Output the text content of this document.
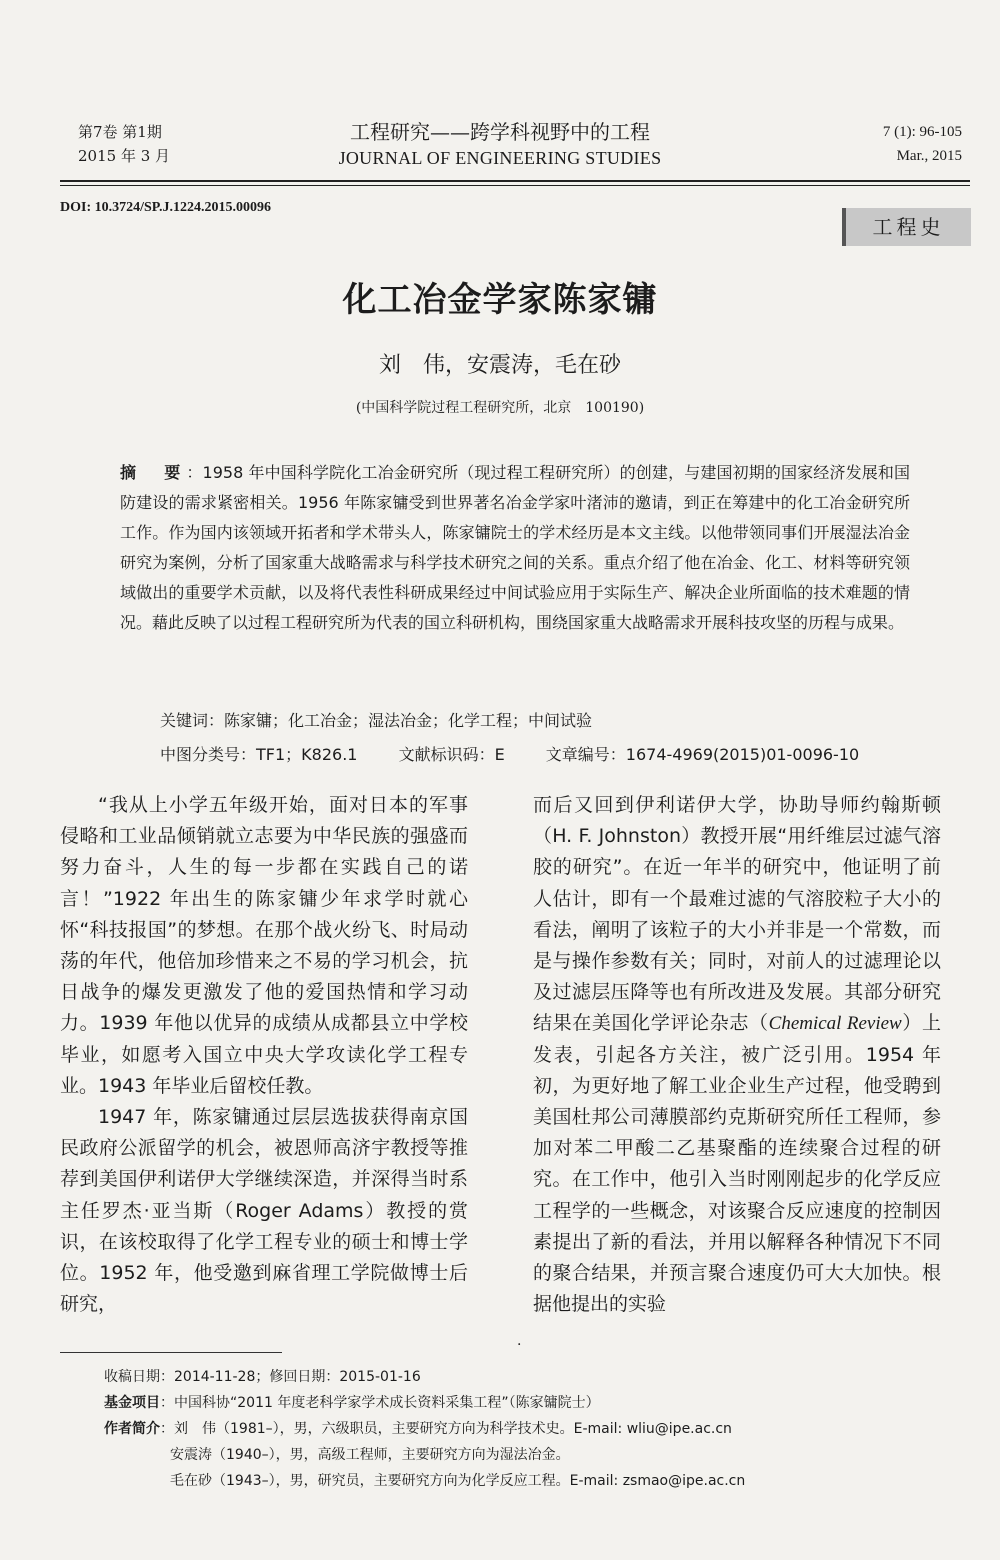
第7卷 第1期
2015 年 3 月
工程研究——跨学科视野中的工程
JOURNAL OF ENGINEERING STUDIES
7 (1): 96-105
Mar., 2015
DOI: 10.3724/SP.J.1224.2015.00096
工程史
化工冶金学家陈家镛
刘　伟，安震涛，毛在砂
(中国科学院过程工程研究所，北京　100190)
摘　要：1958 年中国科学院化工冶金研究所（现过程工程研究所）的创建，与建国初期的国家经济发展和国防建设的需求紧密相关。1956 年陈家镛受到世界著名冶金学家叶渚沛的邀请，到正在筹建中的化工冶金研究所工作。作为国内该领域开拓者和学术带头人，陈家镛院士的学术经历是本文主线。以他带领同事们开展湿法冶金研究为案例，分析了国家重大战略需求与科学技术研究之间的关系。重点介绍了他在冶金、化工、材料等研究领域做出的重要学术贡献，以及将代表性科研成果经过中间试验应用于实际生产、解决企业所面临的技术难题的情况。藉此反映了以过程工程研究所为代表的国立科研机构，围绕国家重大战略需求开展科技攻坚的历程与成果。
关键词：陈家镛；化工冶金；湿法冶金；化学工程；中间试验
中图分类号：TF1；K826.1	文献标识码：E	文章编号：1674-4969(2015)01-0096-10

“我从上小学五年级开始，面对日本的军事侵略和工业品倾销就立志要为中华民族的强盛而努力奋斗，人生的每一步都在实践自己的诺言！”1922 年出生的陈家镛少年求学时就心怀“科技报国”的梦想。在那个战火纷飞、时局动荡的年代，他倍加珍惜来之不易的学习机会，抗日战争的爆发更激发了他的爱国热情和学习动力。1939 年他以优异的成绩从成都县立中学校毕业，如愿考入国立中央大学攻读化学工程专业。1943 年毕业后留校任教。

1947 年，陈家镛通过层层选拔获得南京国民政府公派留学的机会，被恩师高济宇教授等推荐到美国伊利诺伊大学继续深造，并深得当时系主任罗杰·亚当斯（Roger Adams）教授的赏识，在该校取得了化学工程专业的硕士和博士学位。1952 年，他受邀到麻省理工学院做博士后研究，

而后又回到伊利诺伊大学，协助导师约翰斯顿（H. F. Johnston）教授开展“用纤维层过滤气溶胶的研究”。在近一年半的研究中，他证明了前人估计，即有一个最难过滤的气溶胶粒子大小的看法，阐明了该粒子的大小并非是一个常数，而是与操作参数有关；同时，对前人的过滤理论以及过滤层压降等也有所改进及发展。其部分研究结果在美国化学评论杂志（Chemical Review）上发表，引起各方关注，被广泛引用。1954 年初，为更好地了解工业企业生产过程，他受聘到美国杜邦公司薄膜部约克斯研究所任工程师，参加对苯二甲酸二乙基聚酯的连续聚合过程的研究。在工作中，他引入当时刚刚起步的化学反应工程学的一些概念，对该聚合反应速度的控制因素提出了新的看法，并用以解释各种情况下不同的聚合结果，并预言聚合速度仍可大大加快。根据他提出的实验

·
收稿日期：2014-11-28；修回日期：2015-01-16
基金项目：中国科协“2011 年度老科学家学术成长资料采集工程”（陈家镛院士）
作者简介：刘　伟（1981–），男，六级职员，主要研究方向为科学技术史。E-mail: wliu@ipe.ac.cn
安震涛（1940–），男，高级工程师，主要研究方向为湿法冶金。
毛在砂（1943–），男，研究员，主要研究方向为化学反应工程。E-mail: zsmao@ipe.ac.cn
